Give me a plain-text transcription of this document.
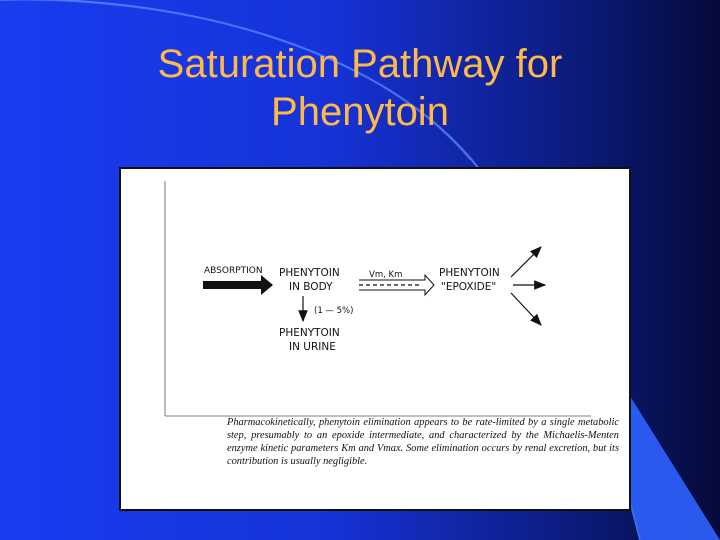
Saturation Pathway for
Phenytoin
ABSORPTION PHENYTOIN
IN BODY
Vm, Km	PHENYTOIN
"EPOXIDE"
(1 — 5%)
PHENYTOIN
IN URINE
Pharmacokinetically, phenytoin elimination appears to be rate-limited by a single metabolic step, presumably to an epoxide intermediate, and characterized by the Michaelis-Menten enzyme kinetic parameters Km and Vmax. Some elimination occurs by renal excretion, but its contribution is usually negligible.
